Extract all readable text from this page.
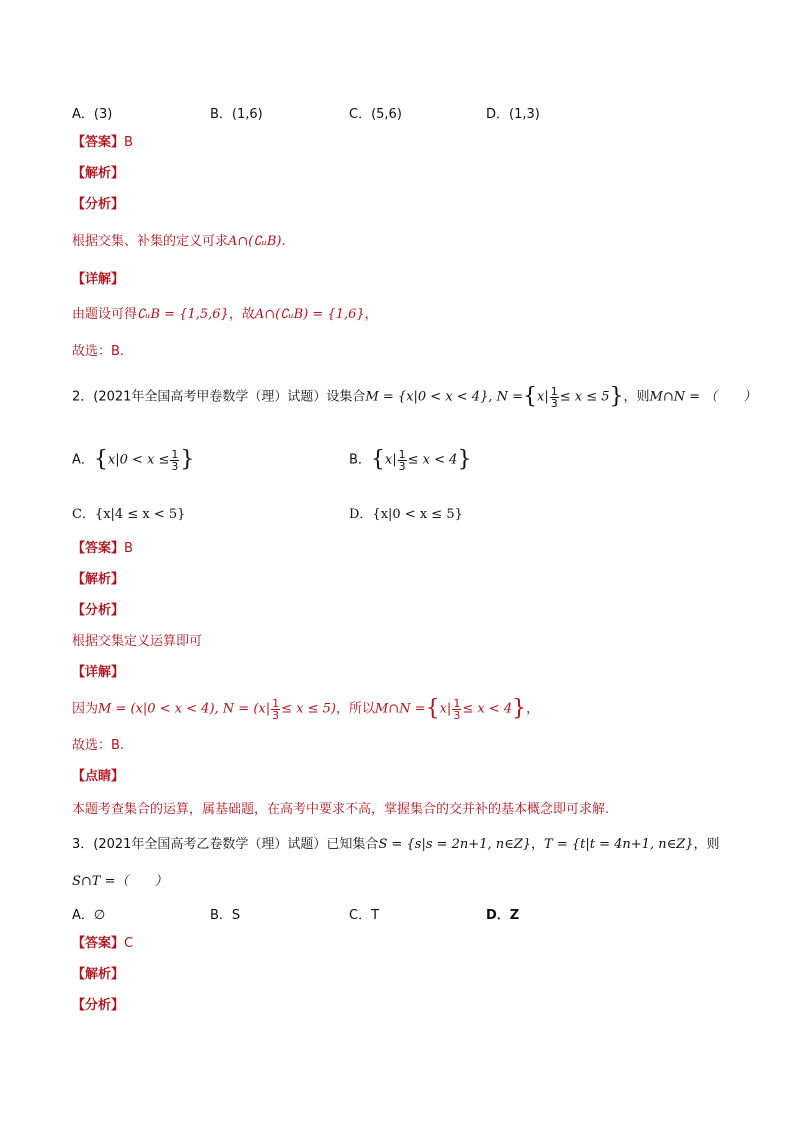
A．(3)	B．(1,6)	C．(5,6)	D．(1,3)
【答案】B
【解析】
【分析】
根据交集、补集的定义可求A∩(∁ᵤB).
【详解】
由题设可得∁ᵤB = {1,5,6}，故A∩(∁ᵤB) = {1,6}，
故选：B.
2．(2021年全国高考甲卷数学（理）试题）设集合M = {x|0 < x < 4}, $N =\{x| \frac{1}{3} \le x \le 5\}$，则M∩N = （　　）
A．{$x|0 < x \le \frac{1}{3}$ }	B．$\{x| \frac{1}{3} \le x < 4\}$
C．{x|4 ≤ x < 5}	D．{x|0 < x ≤ 5}
【答案】B
【解析】
【分析】
根据交集定义运算即可
【详解】
因为M = (x|0 < x < 4), $N = (x| \frac{1}{3} \le x \le 5)$，所以M∩N $=\{x| \frac{1}{3} \le x < 4\}$，
故选：B.
【点睛】
本题考查集合的运算，属基础题，在高考中要求不高，掌握集合的交并补的基本概念即可求解.
3．(2021年全国高考乙卷数学（理）试题）已知集合S = {s|s = 2n+1, n∈Z}，T = {t|t = 4n+1, n∈Z}，则
S∩T =（　　）
A．∅	B．S	C．T	D．Z
【答案】C
【解析】
【分析】
